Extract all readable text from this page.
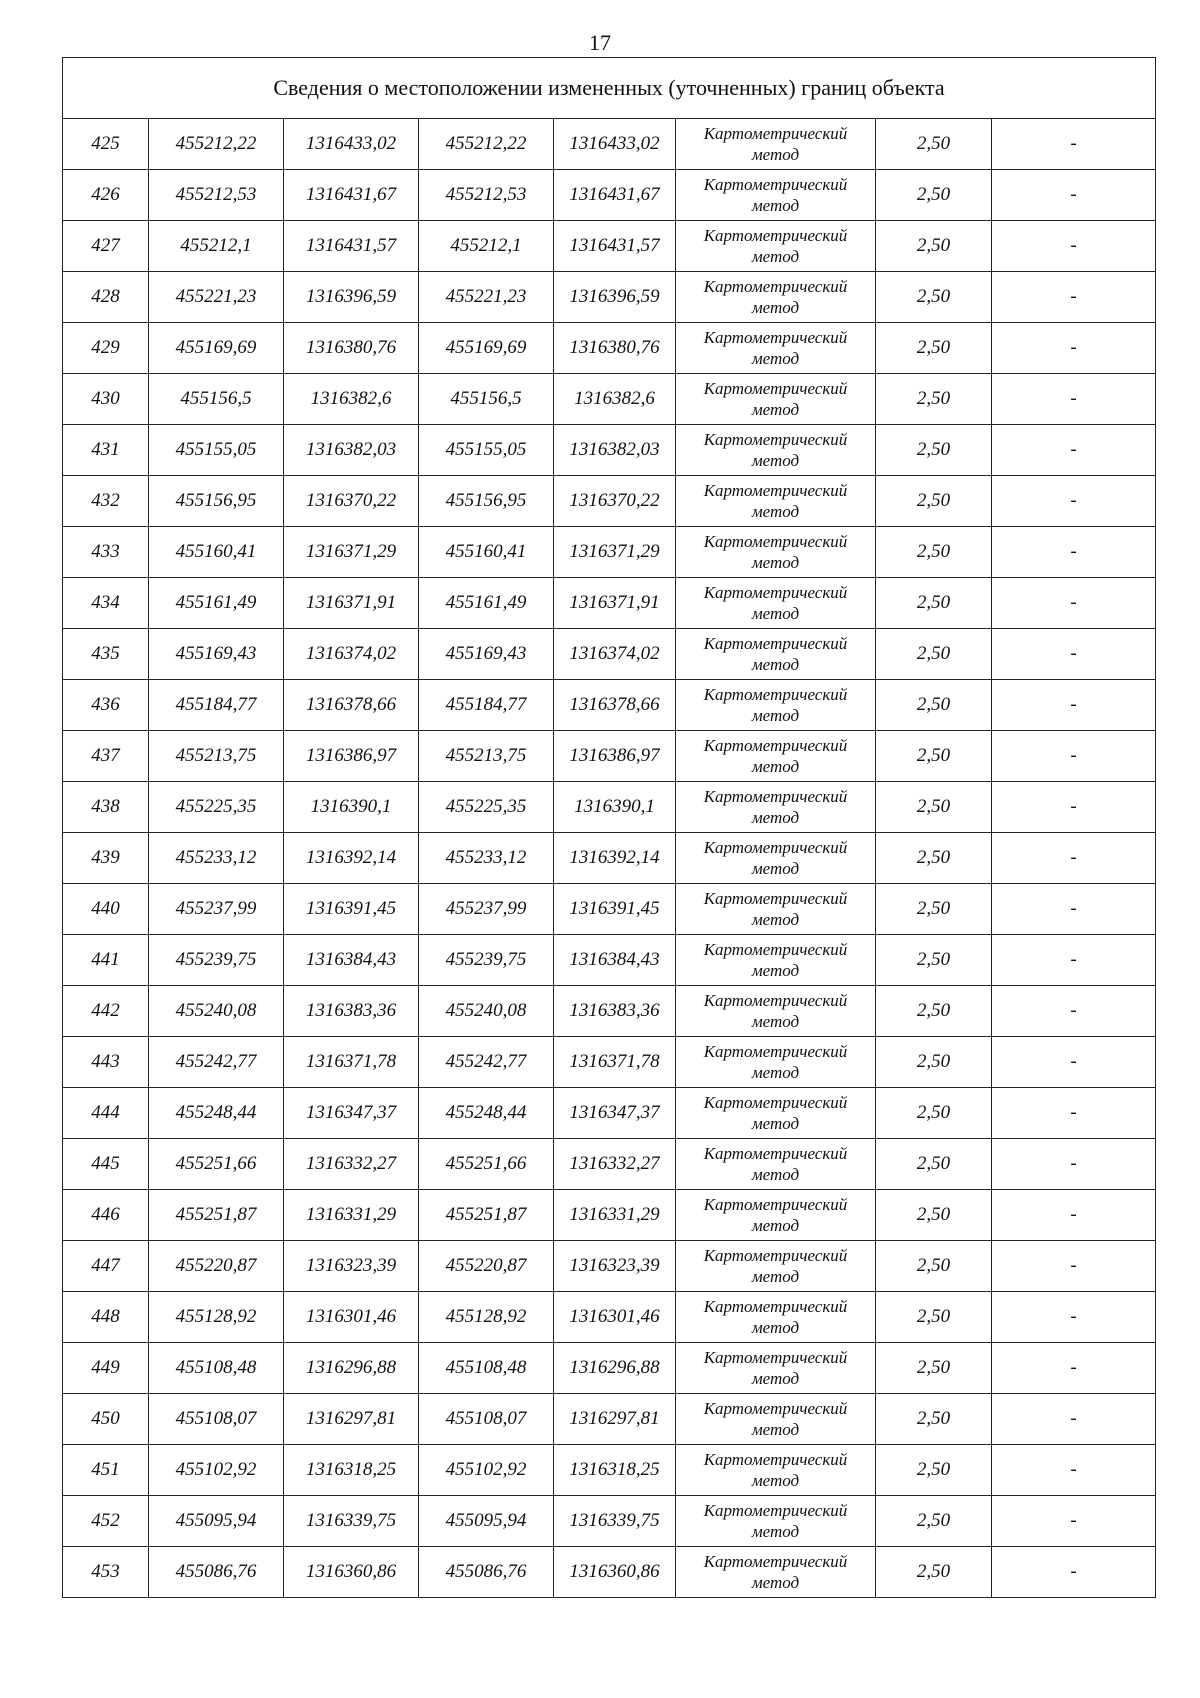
17
Сведения о местоположении измененных (уточненных) границ объекта							
425	455212,22	1316433,02	455212,22	1316433,02	Картометрический
метод	2,50	-
426	455212,53	1316431,67	455212,53	1316431,67	Картометрический
метод	2,50	-
427	455212,1	1316431,57	455212,1	1316431,57	Картометрический
метод	2,50	-
428	455221,23	1316396,59	455221,23	1316396,59	Картометрический
метод	2,50	-
429	455169,69	1316380,76	455169,69	1316380,76	Картометрический
метод	2,50	-
430	455156,5	1316382,6	455156,5	1316382,6	Картометрический
метод	2,50	-
431	455155,05	1316382,03	455155,05	1316382,03	Картометрический
метод	2,50	-
432	455156,95	1316370,22	455156,95	1316370,22	Картометрический
метод	2,50	-
433	455160,41	1316371,29	455160,41	1316371,29	Картометрический
метод	2,50	-
434	455161,49	1316371,91	455161,49	1316371,91	Картометрический
метод	2,50	-
435	455169,43	1316374,02	455169,43	1316374,02	Картометрический
метод	2,50	-
436	455184,77	1316378,66	455184,77	1316378,66	Картометрический
метод	2,50	-
437	455213,75	1316386,97	455213,75	1316386,97	Картометрический
метод	2,50	-
438	455225,35	1316390,1	455225,35	1316390,1	Картометрический
метод	2,50	-
439	455233,12	1316392,14	455233,12	1316392,14	Картометрический
метод	2,50	-
440	455237,99	1316391,45	455237,99	1316391,45	Картометрический
метод	2,50	-
441	455239,75	1316384,43	455239,75	1316384,43	Картометрический
метод	2,50	-
442	455240,08	1316383,36	455240,08	1316383,36	Картометрический
метод	2,50	-
443	455242,77	1316371,78	455242,77	1316371,78	Картометрический
метод	2,50	-
444	455248,44	1316347,37	455248,44	1316347,37	Картометрический
метод	2,50	-
445	455251,66	1316332,27	455251,66	1316332,27	Картометрический
метод	2,50	-
446	455251,87	1316331,29	455251,87	1316331,29	Картометрический
метод	2,50	-
447	455220,87	1316323,39	455220,87	1316323,39	Картометрический
метод	2,50	-
448	455128,92	1316301,46	455128,92	1316301,46	Картометрический
метод	2,50	-
449	455108,48	1316296,88	455108,48	1316296,88	Картометрический
метод	2,50	-
450	455108,07	1316297,81	455108,07	1316297,81	Картометрический
метод	2,50	-
451	455102,92	1316318,25	455102,92	1316318,25	Картометрический
метод	2,50	-
452	455095,94	1316339,75	455095,94	1316339,75	Картометрический
метод	2,50	-
453	455086,76	1316360,86	455086,76	1316360,86	Картометрический
метод	2,50	-
